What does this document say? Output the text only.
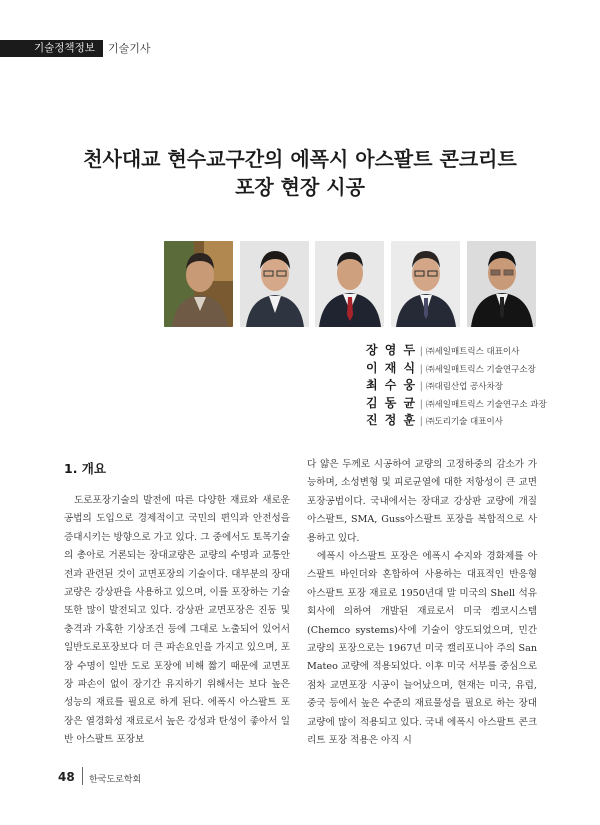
기술정책정보	기술기사
천사대교 현수교구간의 에폭시 아스팔트 콘크리트
포장 현장 시공
장 영 두 | ㈜세일매트릭스 대표이사
이 재 식 | ㈜세일매트릭스 기술연구소장
최 수 웅 | ㈜대림산업 공사차장
김 동 균 | ㈜세일매트릭스 기술연구소 과장
진 정 훈 | ㈜도리기술 대표이사
1. 개요

도로포장기술의 발전에 따른 다양한 재료와 새로운 공법의 도입으로 경제적이고 국민의 편익과 안전성을 증대시키는 방향으로 가고 있다. 그 중에서도 토목기술의 총아로 거론되는 장대교량은 교량의 수명과 교통안전과 관련된 것이 교면포장의 기술이다. 대부분의 장대교량은 강상판을 사용하고 있으며, 이를 포장하는 기술 또한 많이 발전되고 있다. 강상판 교면포장은 진동 및 충격과 가혹한 기상조건 등에 그대로 노출되어 있어서 일반도로포장보다 더 큰 파손요인을 가지고 있으며, 포장 수명이 일반 도로 포장에 비해 짧기 때문에 교면포장 파손이 없이 장기간 유지하기 위해서는 보다 높은 성능의 재료를 필요로 하게 된다. 에폭시 아스팔트 포장은 열경화성 재료로서 높은 강성과 탄성이 좋아서 일반 아스팔트 포장보

다 얇은 두께로 시공하여 교량의 고정하중의 감소가 가능하며, 소성변형 및 피로균열에 대한 저항성이 큰 교면포장공법이다. 국내에서는 장대교 강상판 교량에 개질아스팔트, SMA, Guss아스팔트 포장을 복합적으로 사용하고 있다.

에폭시 아스팔트 포장은 에폭시 수지와 경화제를 아스팔트 바인더와 혼합하여 사용하는 대표적인 반응형 아스팔트 포장 재료로 1950년대 말 미국의 Shell 석유회사에 의하여 개발된 재료로서 미국 켐코시스템(Chemco systems)사에 기술이 양도되었으며, 민간교량의 포장으로는 1967년 미국 캘리포니아 주의 San Mateo 교량에 적용되었다. 이후 미국 서부를 중심으로 점차 교면포장 시공이 늘어났으며, 현재는 미국, 유럽, 중국 등에서 높은 수준의 재료물성을 필요로 하는 장대교량에 많이 적용되고 있다. 국내 에폭시 아스팔트 콘크리트 포장 적용은 아직 시

48 한국도로학회
